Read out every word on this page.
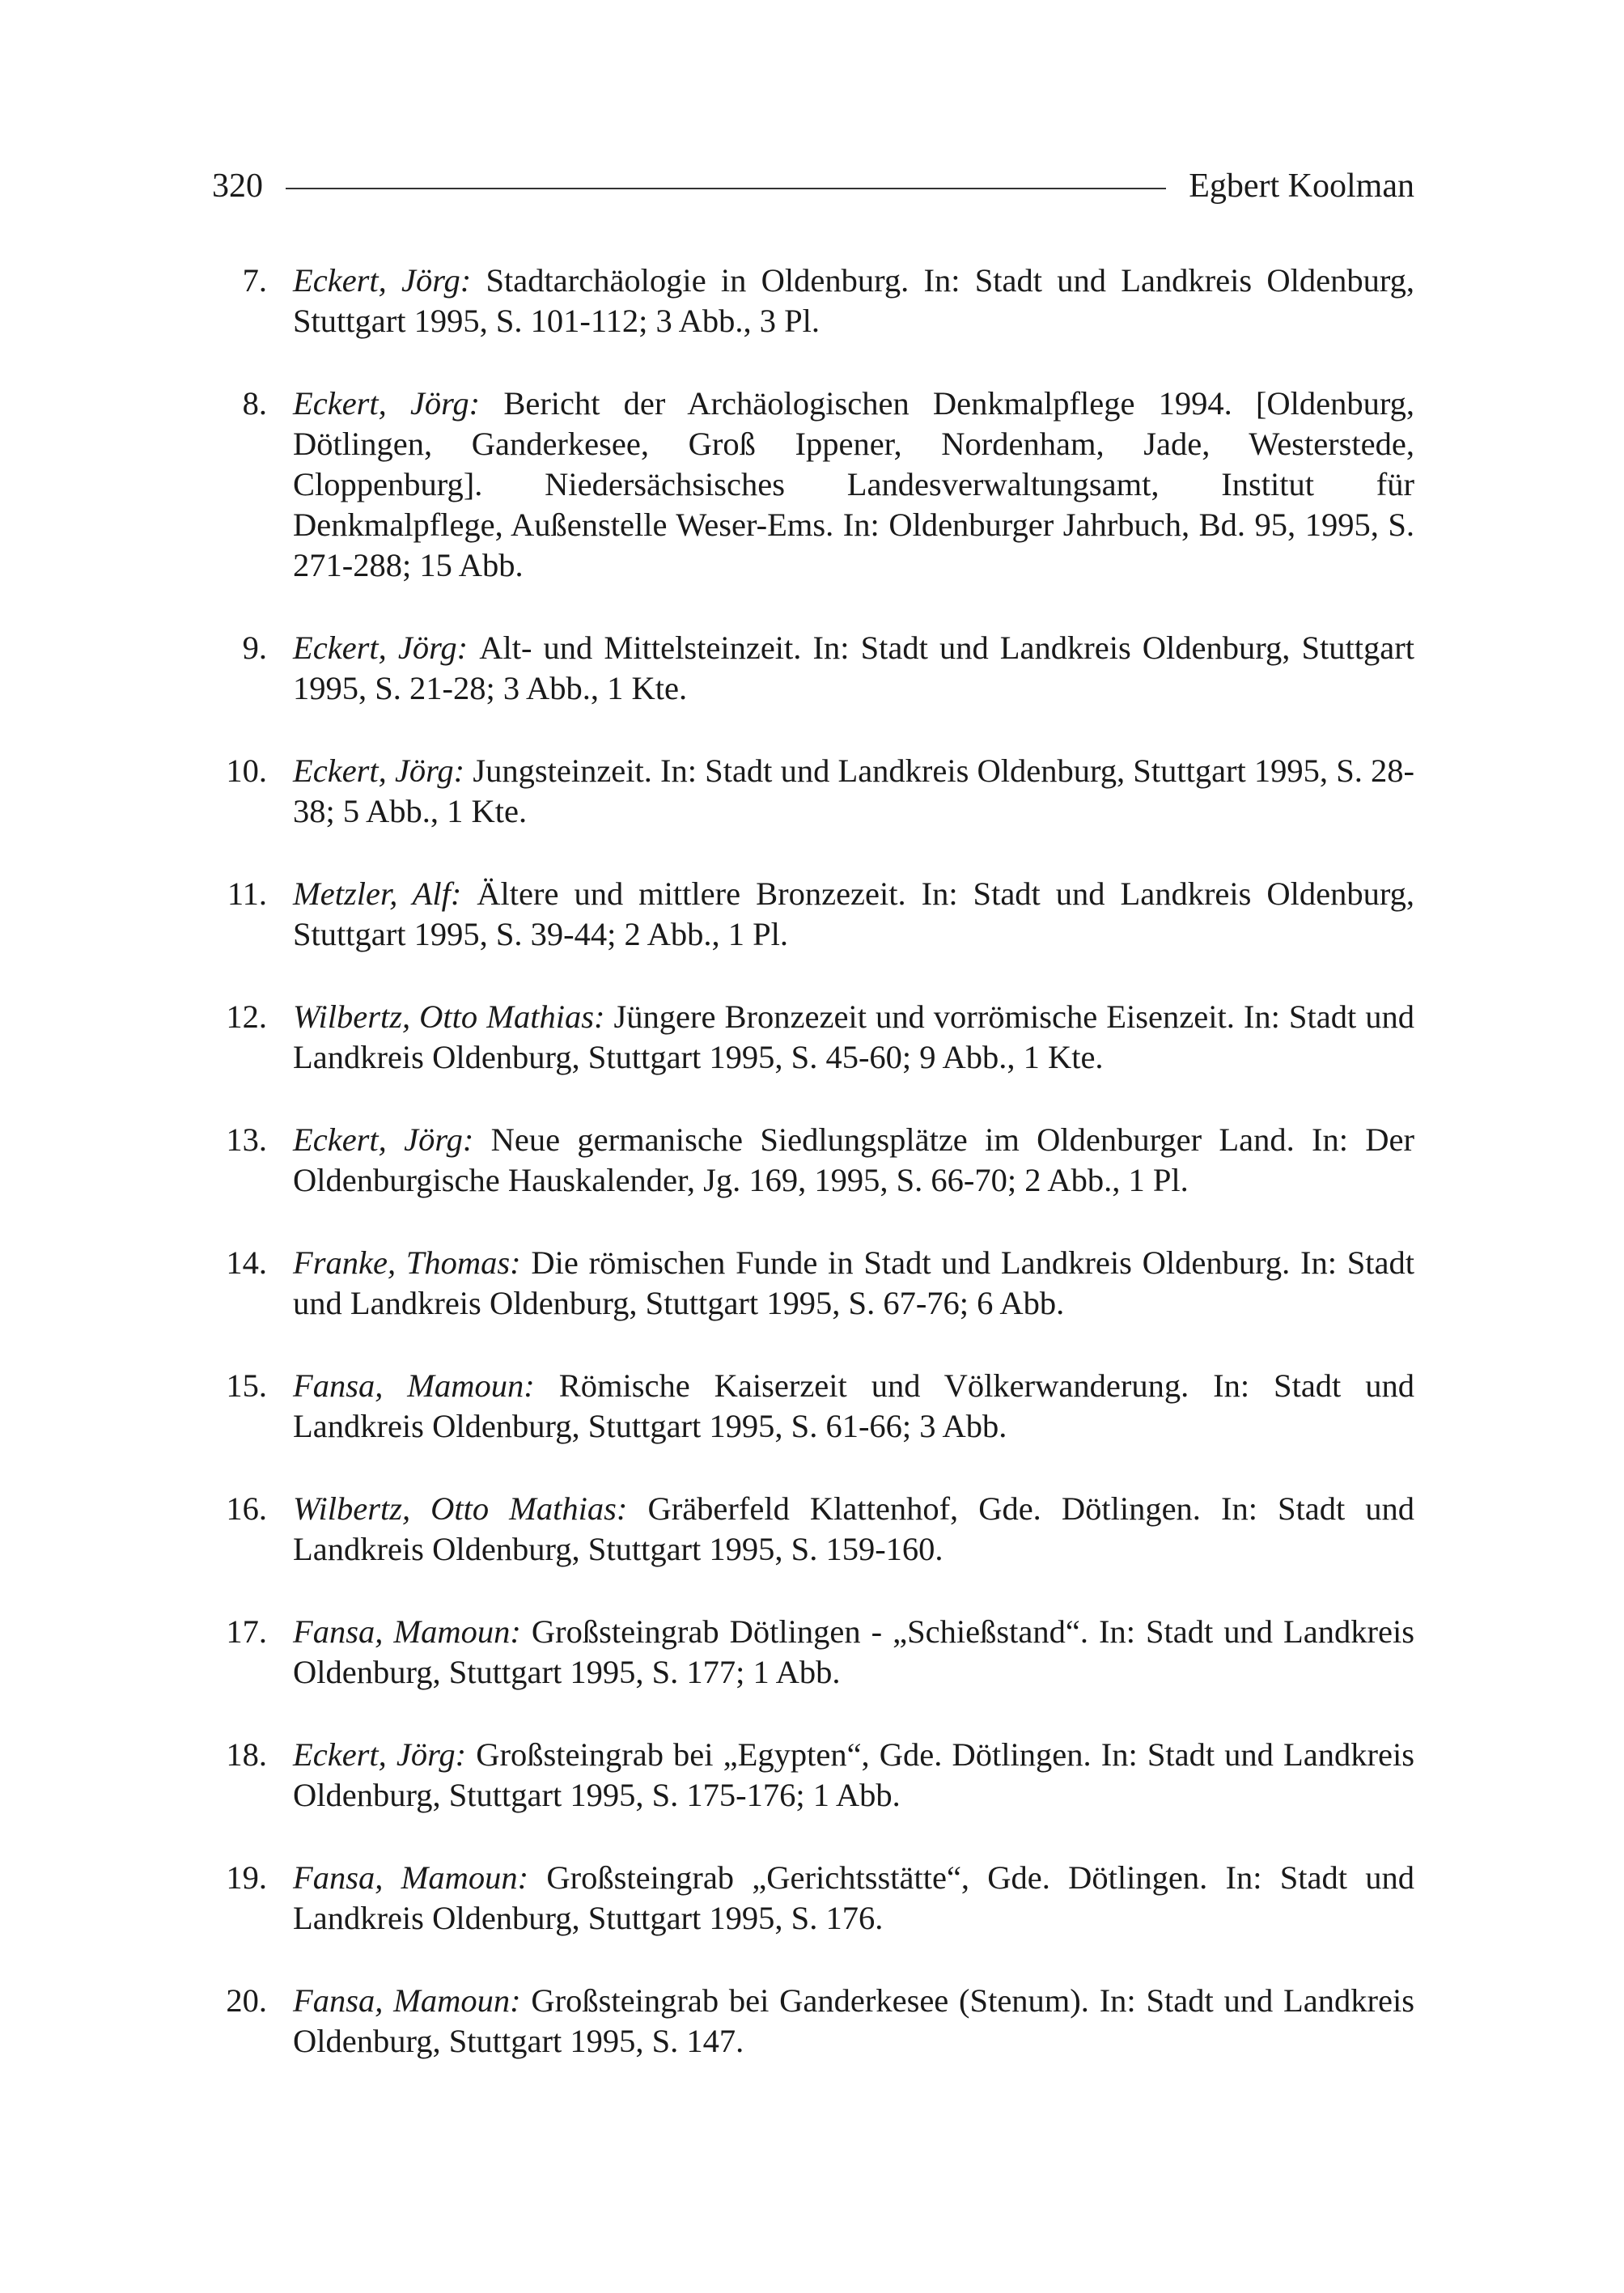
320	Egbert Koolman
7. Eckert, Jörg: Stadtarchäologie in Oldenburg. In: Stadt und Landkreis Oldenburg, Stuttgart 1995, S. 101-112; 3 Abb., 3 Pl.
8. Eckert, Jörg: Bericht der Archäologischen Denkmalpflege 1994. [Oldenburg, Dötlingen, Ganderkesee, Groß Ippener, Nordenham, Jade, Westerstede, Cloppenburg]. Niedersächsisches Landesverwaltungsamt, Institut für Denkmalpflege, Außenstelle Weser-Ems. In: Oldenburger Jahrbuch, Bd. 95, 1995, S. 271-288; 15 Abb.
9. Eckert, Jörg: Alt- und Mittelsteinzeit. In: Stadt und Landkreis Oldenburg, Stuttgart 1995, S. 21-28; 3 Abb., 1 Kte.
10. Eckert, Jörg: Jungsteinzeit. In: Stadt und Landkreis Oldenburg, Stuttgart 1995, S. 28-38; 5 Abb., 1 Kte.
11. Metzler, Alf: Ältere und mittlere Bronzezeit. In: Stadt und Landkreis Oldenburg, Stuttgart 1995, S. 39-44; 2 Abb., 1 Pl.
12. Wilbertz, Otto Mathias: Jüngere Bronzezeit und vorrömische Eisenzeit. In: Stadt und Landkreis Oldenburg, Stuttgart 1995, S. 45-60; 9 Abb., 1 Kte.
13. Eckert, Jörg: Neue germanische Siedlungsplätze im Oldenburger Land. In: Der Oldenburgische Hauskalender, Jg. 169, 1995, S. 66-70; 2 Abb., 1 Pl.
14. Franke, Thomas: Die römischen Funde in Stadt und Landkreis Oldenburg. In: Stadt und Landkreis Oldenburg, Stuttgart 1995, S. 67-76; 6 Abb.
15. Fansa, Mamoun: Römische Kaiserzeit und Völkerwanderung. In: Stadt und Landkreis Oldenburg, Stuttgart 1995, S. 61-66; 3 Abb.
16. Wilbertz, Otto Mathias: Gräberfeld Klattenhof, Gde. Dötlingen. In: Stadt und Landkreis Oldenburg, Stuttgart 1995, S. 159-160.
17. Fansa, Mamoun: Großsteingrab Dötlingen - „Schießstand“. In: Stadt und Landkreis Oldenburg, Stuttgart 1995, S. 177; 1 Abb.
18. Eckert, Jörg: Großsteingrab bei „Egypten“, Gde. Dötlingen. In: Stadt und Landkreis Oldenburg, Stuttgart 1995, S. 175-176; 1 Abb.
19. Fansa, Mamoun: Großsteingrab „Gerichtsstätte“, Gde. Dötlingen. In: Stadt und Landkreis Oldenburg, Stuttgart 1995, S. 176.
20. Fansa, Mamoun: Großsteingrab bei Ganderkesee (Stenum). In: Stadt und Landkreis Oldenburg, Stuttgart 1995, S. 147.
